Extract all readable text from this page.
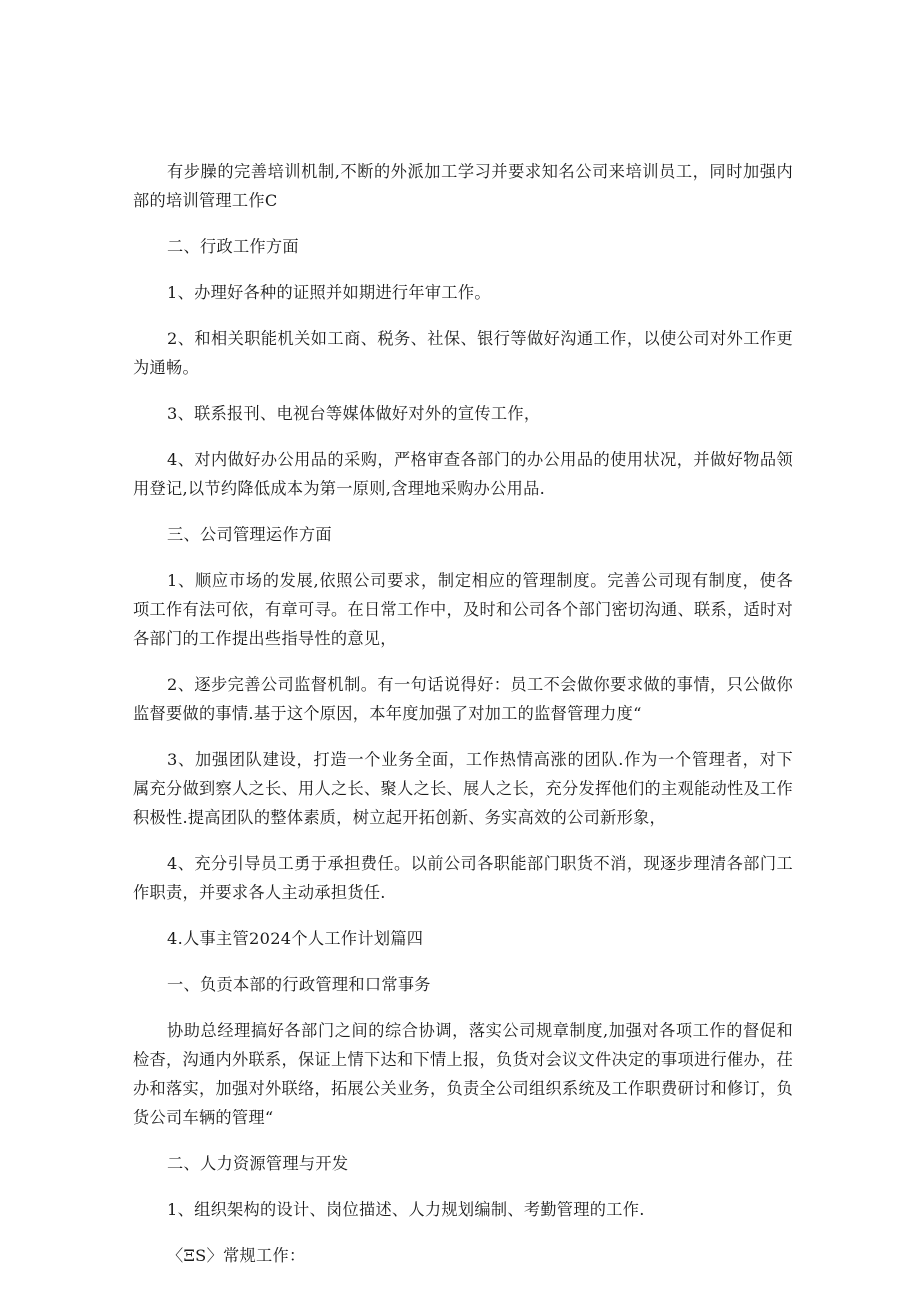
有步臊的完善培训机制,不断的外派加工学习并要求知名公司来培训员工，同时加强内部的培训管理工作C

二、行政工作方面

1、办理好各种的证照并如期进行年审工作。

2、和相关职能机关如工商、税务、社保、银行等做好沟通工作，以使公司对外工作更为通畅。

3、联系报刊、电视台等媒体做好对外的宣传工作，

4、对内做好办公用品的采购，严格审查各部门的办公用品的使用状况，并做好物品领用登记,以节约降低成本为第一原则,含理地采购办公用品.

三、公司管理运作方面

1、顺应市场的发展,依照公司要求，制定相应的管理制度。完善公司现有制度，使各项工作有法可依，有章可寻。在日常工作中，及时和公司各个部门密切沟通、联系，适时对各部门的工作提出些指导性的意见，

2、逐步完善公司监督机制。有一句话说得好：员工不会做你要求做的事情，只公做你监督要做的事情.基于这个原因，本年度加强了对加工的监督管理力度“

3、加强团队建设，打造一个业务全面，工作热情高涨的团队.作为一个管理者，对下属充分做到察人之长、用人之长、聚人之长、展人之长，充分发挥他们的主观能动性及工作积极性.提高团队的整体素质，树立起开拓创新、务实高效的公司新形象，

4、充分引导员工勇于承担费任。以前公司各职能部门职货不消，现逐步理清各部门工作职责，并要求各人主动承担货任.

4.人事主管2024个人工作计划篇四

一、负贡本部的行政管理和口常事务

协助总经理搞好各部门之间的综合协调，落实公司规章制度,加强对各项工作的督促和检杳，沟通内外联系，保证上情下达和下情上报，负货对会议文件决定的事项进行催办，茌办和落实，加强对外联络，拓展公关业务，负责全公司组织系统及工作职费研讨和修订，负货公司车辆的管理“

二、人力资源管理与开发

1、组织架构的设计、岗位描述、人力规划编制、考勤管理的工作.

〈ΞS〉常规工作：
